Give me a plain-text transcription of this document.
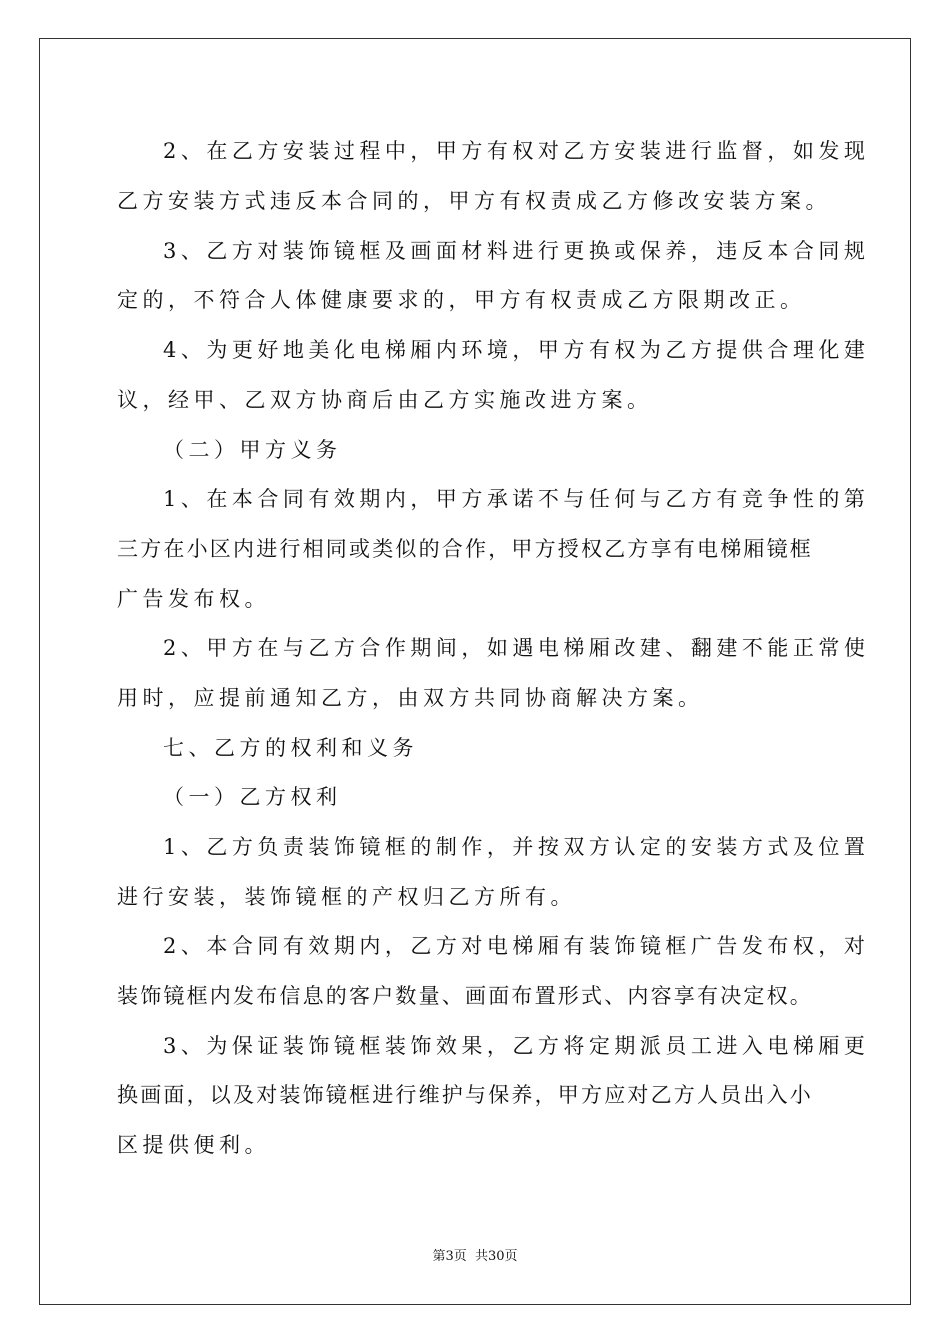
2、在乙方安装过程中，甲方有权对乙方安装进行监督，如发现
乙方安装方式违反本合同的，甲方有权责成乙方修改安装方案。
3、乙方对装饰镜框及画面材料进行更换或保养，违反本合同规
定的，不符合人体健康要求的，甲方有权责成乙方限期改正。
4、为更好地美化电梯厢内环境，甲方有权为乙方提供合理化建
议，经甲、乙双方协商后由乙方实施改进方案。
（二）甲方义务
1、在本合同有效期内，甲方承诺不与任何与乙方有竞争性的第
三方在小区内进行相同或类似的合作，甲方授权乙方享有电梯厢镜框
广告发布权。
2、甲方在与乙方合作期间，如遇电梯厢改建、翻建不能正常使
用时，应提前通知乙方，由双方共同协商解决方案。
七、乙方的权利和义务
（一）乙方权利
1、乙方负责装饰镜框的制作，并按双方认定的安装方式及位置
进行安装，装饰镜框的产权归乙方所有。
2、本合同有效期内，乙方对电梯厢有装饰镜框广告发布权，对
装饰镜框内发布信息的客户数量、画面布置形式、内容享有决定权。
3、为保证装饰镜框装饰效果，乙方将定期派员工进入电梯厢更
换画面，以及对装饰镜框进行维护与保养，甲方应对乙方人员出入小
区提供便利。
第3页  共30页
